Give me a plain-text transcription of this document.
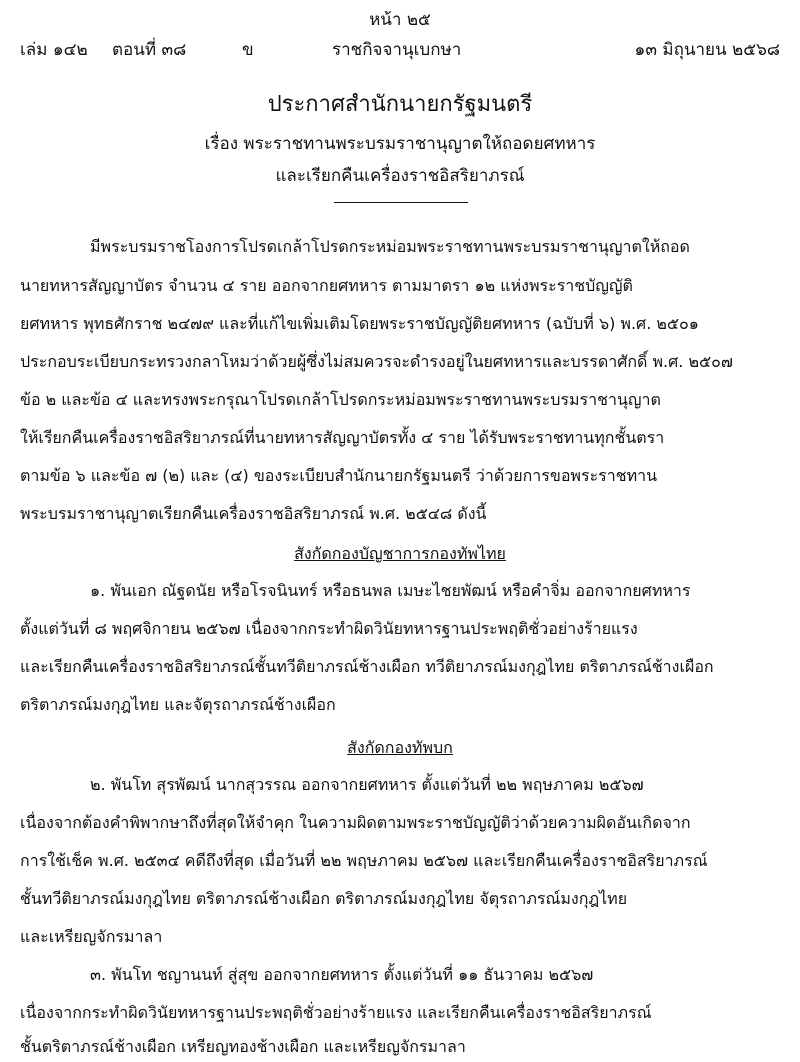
หน้า ๒๕
เล่ม ๑๔๒ ตอนที่ ๓๘	ข	ราชกิจจานุเบกษา	๑๓ มิถุนายน ๒๕๖๘
ประกาศสำนักนายกรัฐมนตรี
เรื่อง พระราชทานพระบรมราชานุญาตให้ถอดยศทหาร
และเรียกคืนเครื่องราชอิสริยาภรณ์
มีพระบรมราชโองการโปรดเกล้าโปรดกระหม่อมพระราชทานพระบรมราชานุญาตให้ถอด
นายทหารสัญญาบัตร จำนวน ๔ ราย ออกจากยศทหาร ตามมาตรา ๑๒ แห่งพระราชบัญญัติ
ยศทหาร พุทธศักราช ๒๔๗๙ และที่แก้ไขเพิ่มเติมโดยพระราชบัญญัติยศทหาร (ฉบับที่ ๖) พ.ศ. ๒๕๐๑
ประกอบระเบียบกระทรวงกลาโหมว่าด้วยผู้ซึ่งไม่สมควรจะดำรงอยู่ในยศทหารและบรรดาศักดิ์ พ.ศ. ๒๕๐๗
ข้อ ๒ และข้อ ๔ และทรงพระกรุณาโปรดเกล้าโปรดกระหม่อมพระราชทานพระบรมราชานุญาต
ให้เรียกคืนเครื่องราชอิสริยาภรณ์ที่นายทหารสัญญาบัตรทั้ง ๔ ราย ได้รับพระราชทานทุกชั้นตรา
ตามข้อ ๖ และข้อ ๗ (๒) และ (๔) ของระเบียบสำนักนายกรัฐมนตรี ว่าด้วยการขอพระราชทาน
พระบรมราชานุญาตเรียกคืนเครื่องราชอิสริยาภรณ์ พ.ศ. ๒๕๔๘ ดังนี้
สังกัดกองบัญชาการกองทัพไทย
๑. พันเอก ณัฐดนัย หรือโรจนินทร์ หรือธนพล เมษะไชยพัฒน์ หรือคำจิ่ม ออกจากยศทหาร
ตั้งแต่วันที่ ๘ พฤศจิกายน ๒๕๖๗ เนื่องจากกระทำผิดวินัยทหารฐานประพฤติชั่วอย่างร้ายแรง
และเรียกคืนเครื่องราชอิสริยาภรณ์ชั้นทวีติยาภรณ์ช้างเผือก ทวีติยาภรณ์มงกุฎไทย ตริตาภรณ์ช้างเผือก
ตริตาภรณ์มงกุฎไทย และจัตุรถาภรณ์ช้างเผือก
สังกัดกองทัพบก
๒. พันโท สุรพัฒน์ นากสุวรรณ ออกจากยศทหาร ตั้งแต่วันที่ ๒๒ พฤษภาคม ๒๕๖๗
เนื่องจากต้องคำพิพากษาถึงที่สุดให้จำคุก ในความผิดตามพระราชบัญญัติว่าด้วยความผิดอันเกิดจาก
การใช้เช็ค พ.ศ. ๒๕๓๔ คดีถึงที่สุด เมื่อวันที่ ๒๒ พฤษภาคม ๒๕๖๗ และเรียกคืนเครื่องราชอิสริยาภรณ์
ชั้นทวีติยาภรณ์มงกุฎไทย ตริตาภรณ์ช้างเผือก ตริตาภรณ์มงกุฎไทย จัตุรถาภรณ์มงกุฎไทย
และเหรียญจักรมาลา
๓. พันโท ชญานนท์ สู่สุข ออกจากยศทหาร ตั้งแต่วันที่ ๑๑ ธันวาคม ๒๕๖๗
เนื่องจากกระทำผิดวินัยทหารฐานประพฤติชั่วอย่างร้ายแรง และเรียกคืนเครื่องราชอิสริยาภรณ์
ชั้นตริตาภรณ์ช้างเผือก เหรียญทองช้างเผือก และเหรียญจักรมาลา
